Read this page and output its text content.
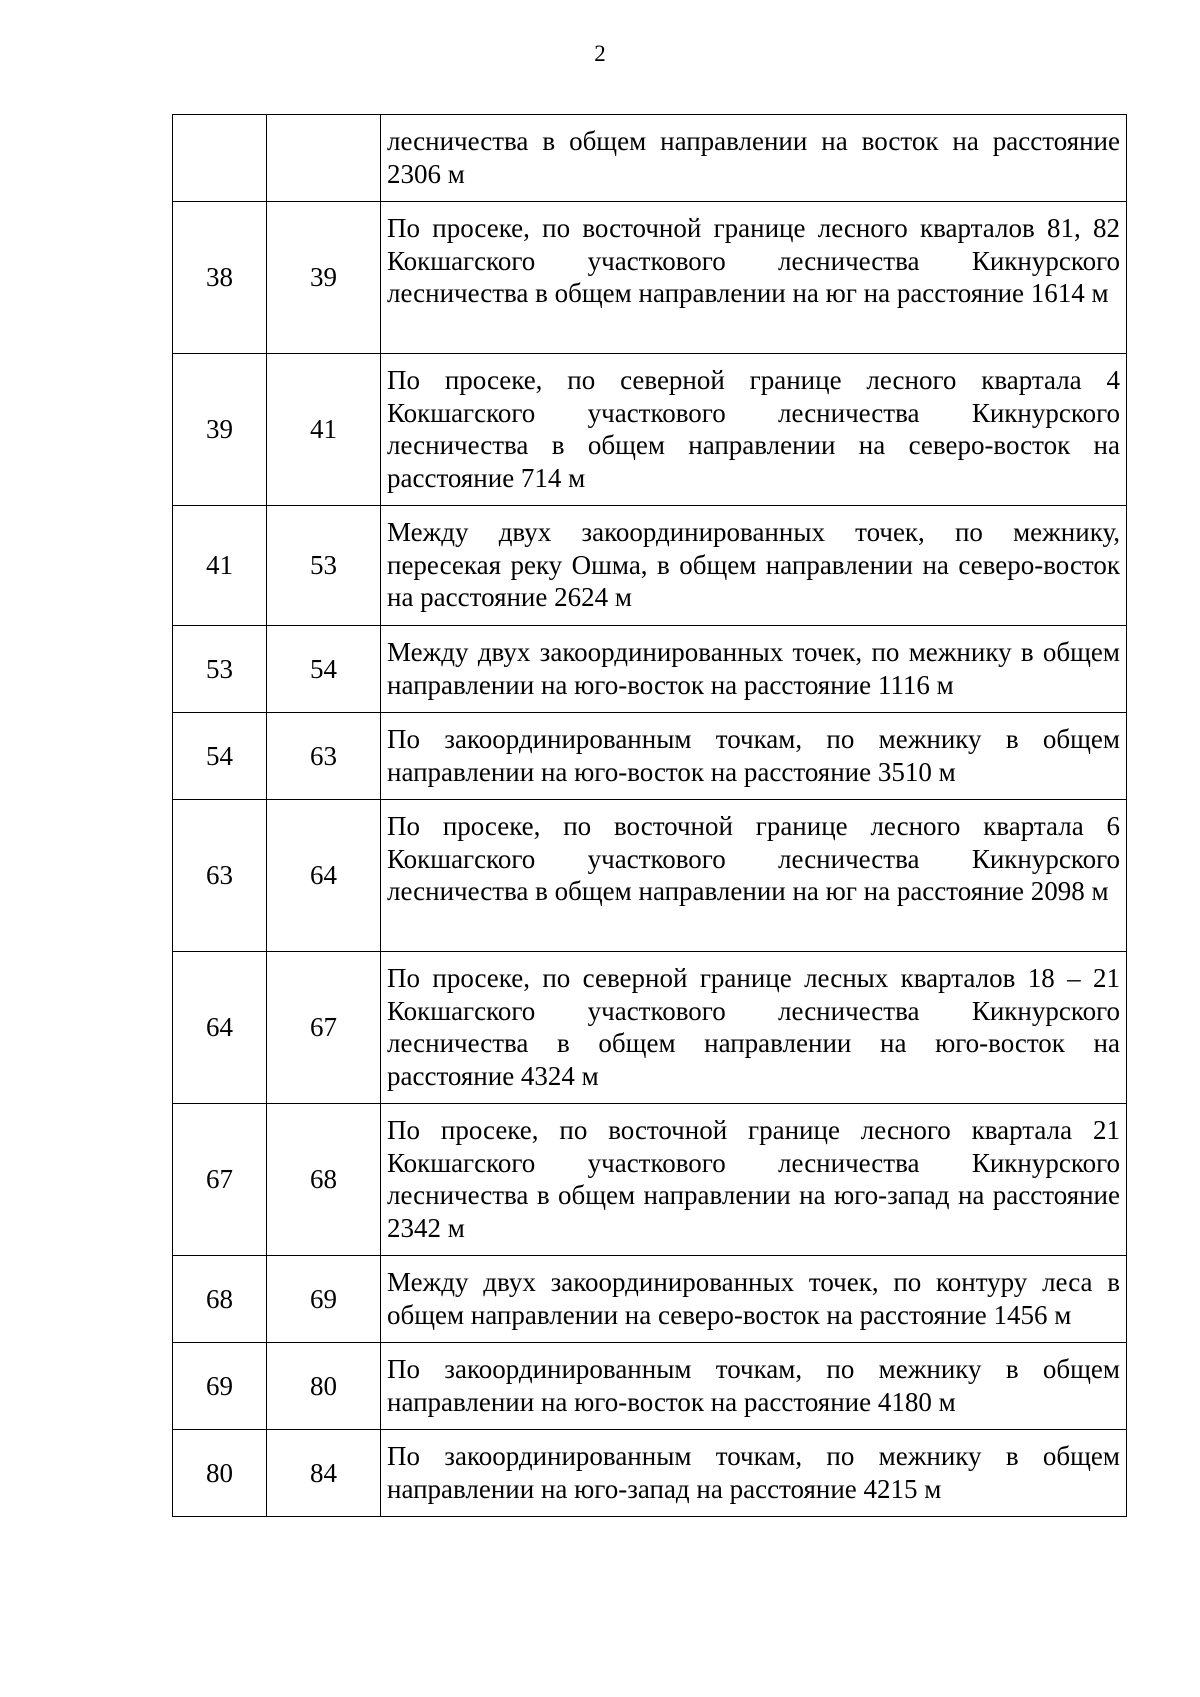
2
		лесничества в общем направлении на восток на расстояние 2306 м
38	39	По просеке, по восточной границе лесного кварталов 81, 82 Кокшагского участкового лесничества Кикнурского лесничества в общем направлении на юг на расстояние 1614 м
39	41	По просеке, по северной границе лесного квартала 4 Кокшагского участкового лесничества Кикнурского лесничества в общем направлении на северо-восток на расстояние 714 м
41	53	Между двух закоординированных точек, по межнику, пересекая реку Ошма, в общем направлении на северо-восток на расстояние 2624 м
53	54	Между двух закоординированных точек, по межнику в общем направлении на юго-восток на расстояние 1116 м
54	63	По закоординированным точкам, по межнику в общем направлении на юго-восток на расстояние 3510 м
63	64	По просеке, по восточной границе лесного квартала 6 Кокшагского участкового лесничества Кикнурского лесничества в общем направлении на юг на расстояние 2098 м
64	67	По просеке, по северной границе лесных кварталов 18 – 21 Кокшагского участкового лесничества Кикнурского лесничества в общем направлении на юго-восток на расстояние 4324 м
67	68	По просеке, по восточной границе лесного квартала 21 Кокшагского участкового лесничества Кикнурского лесничества в общем направлении на юго-запад на расстояние 2342 м
68	69	Между двух закоординированных точек, по контуру леса в общем направлении на северо-восток на расстояние 1456 м
69	80	По закоординированным точкам, по межнику в общем направлении на юго-восток на расстояние 4180 м
80	84	По закоординированным точкам, по межнику в общем направлении на юго-запад на расстояние 4215 м
